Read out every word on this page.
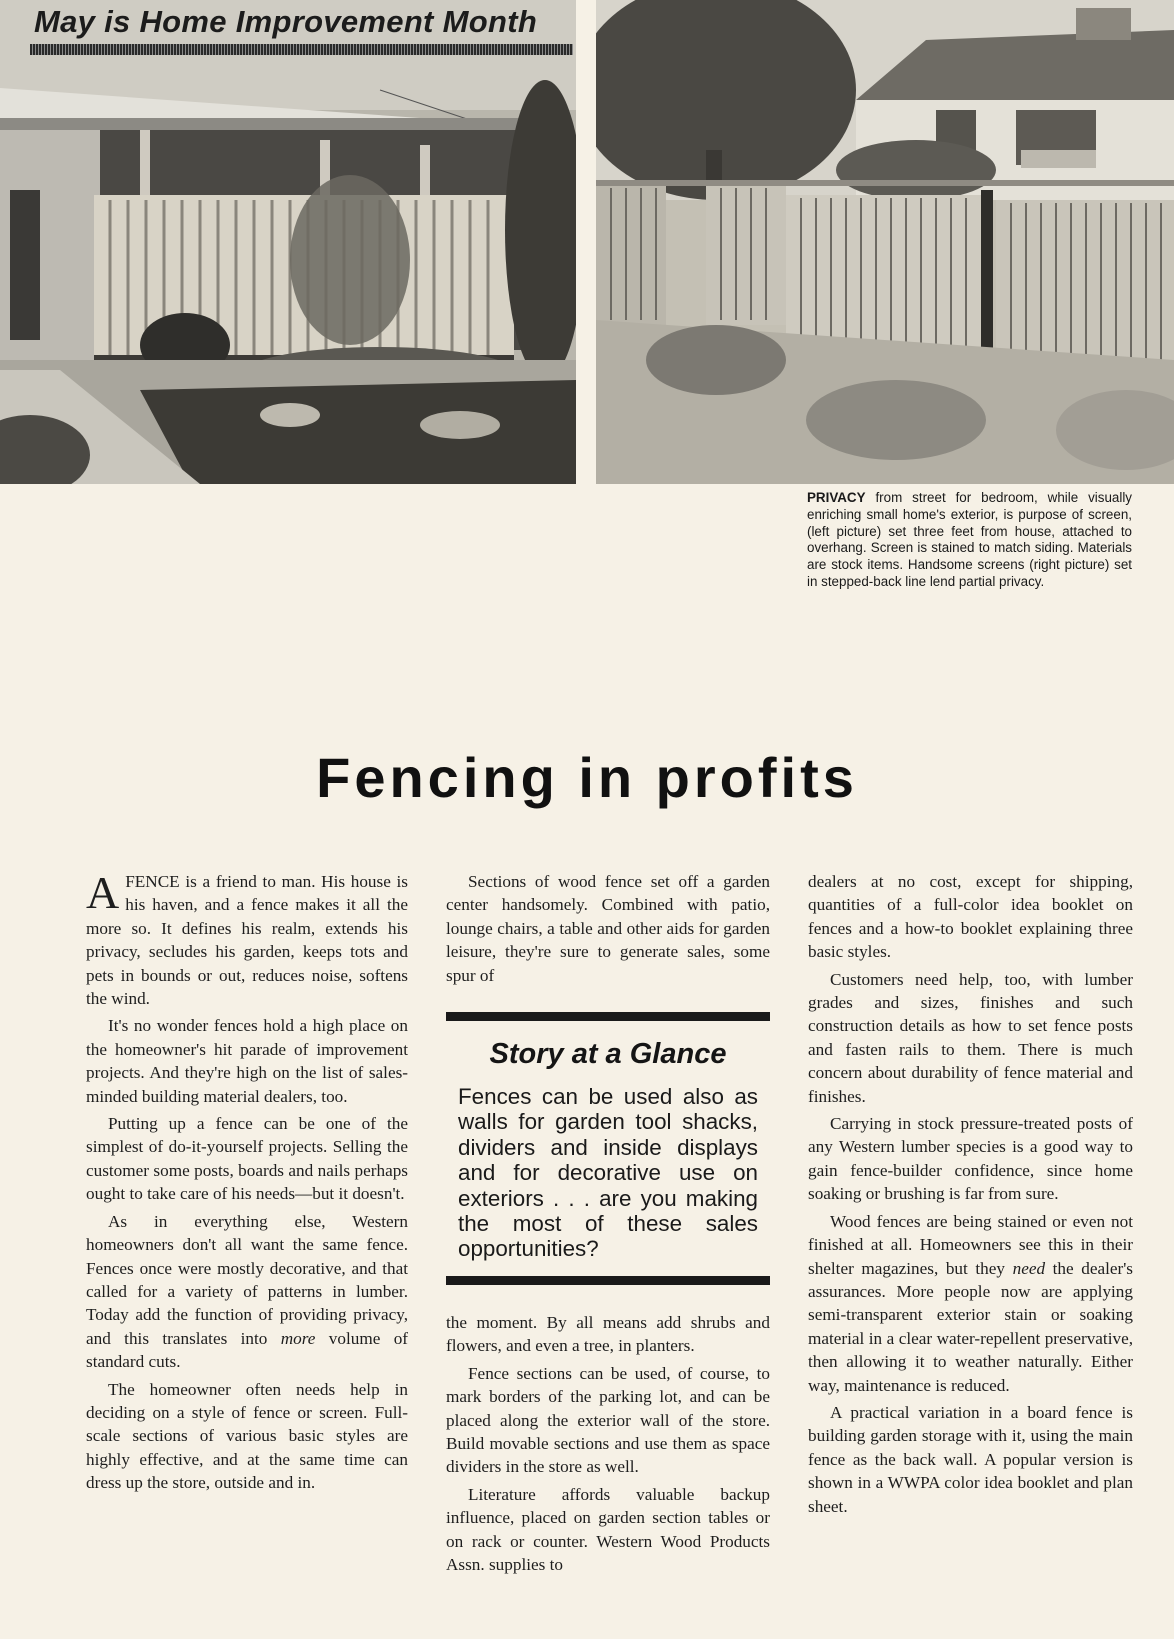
May is Home Improvement Month
PRIVACY from street for bedroom, while visually enriching small home's exterior, is purpose of screen, (left picture) set three feet from house, attached to overhang. Screen is stained to match siding. Materials are stock items. Handsome screens (right picture) set in stepped-back line lend partial privacy.
Fencing in profits

A FENCE is a friend to man. His house is his haven, and a fence makes it all the more so. It defines his realm, extends his privacy, secludes his garden, keeps tots and pets in bounds or out, reduces noise, softens the wind.

It's no wonder fences hold a high place on the homeowner's hit parade of improvement projects. And they're high on the list of sales-minded building material dealers, too.

Putting up a fence can be one of the simplest of do-it-yourself projects. Selling the customer some posts, boards and nails perhaps ought to take care of his needs—but it doesn't.

As in everything else, Western homeowners don't all want the same fence. Fences once were mostly decorative, and that called for a variety of patterns in lumber. Today add the function of providing privacy, and this translates into more volume of standard cuts.

The homeowner often needs help in deciding on a style of fence or screen. Full-scale sections of various basic styles are highly effective, and at the same time can dress up the store, outside and in.

Sections of wood fence set off a garden center handsomely. Combined with patio, lounge chairs, a table and other aids for garden leisure, they're sure to generate sales, some spur of

Story at a Glance
Fences can be used also as walls for garden tool shacks, dividers and inside displays and for decorative use on exteriors . . . are you making the most of these sales opportunities?

the moment. By all means add shrubs and flowers, and even a tree, in planters.

Fence sections can be used, of course, to mark borders of the parking lot, and can be placed along the exterior wall of the store. Build movable sections and use them as space dividers in the store as well.

Literature affords valuable backup influence, placed on garden section tables or on rack or counter. Western Wood Products Assn. supplies to

dealers at no cost, except for shipping, quantities of a full-color idea booklet on fences and a how-to booklet explaining three basic styles.

Customers need help, too, with lumber grades and sizes, finishes and such construction details as how to set fence posts and fasten rails to them. There is much concern about durability of fence material and finishes.

Carrying in stock pressure-treated posts of any Western lumber species is a good way to gain fence-builder confidence, since home soaking or brushing is far from sure.

Wood fences are being stained or even not finished at all. Homeowners see this in their shelter magazines, but they need the dealer's assurances. More people now are applying semi-transparent exterior stain or soaking material in a clear water-repellent preservative, then allowing it to weather naturally. Either way, maintenance is reduced.

A practical variation in a board fence is building garden storage with it, using the main fence as the back wall. A popular version is shown in a WWPA color idea booklet and plan sheet.
